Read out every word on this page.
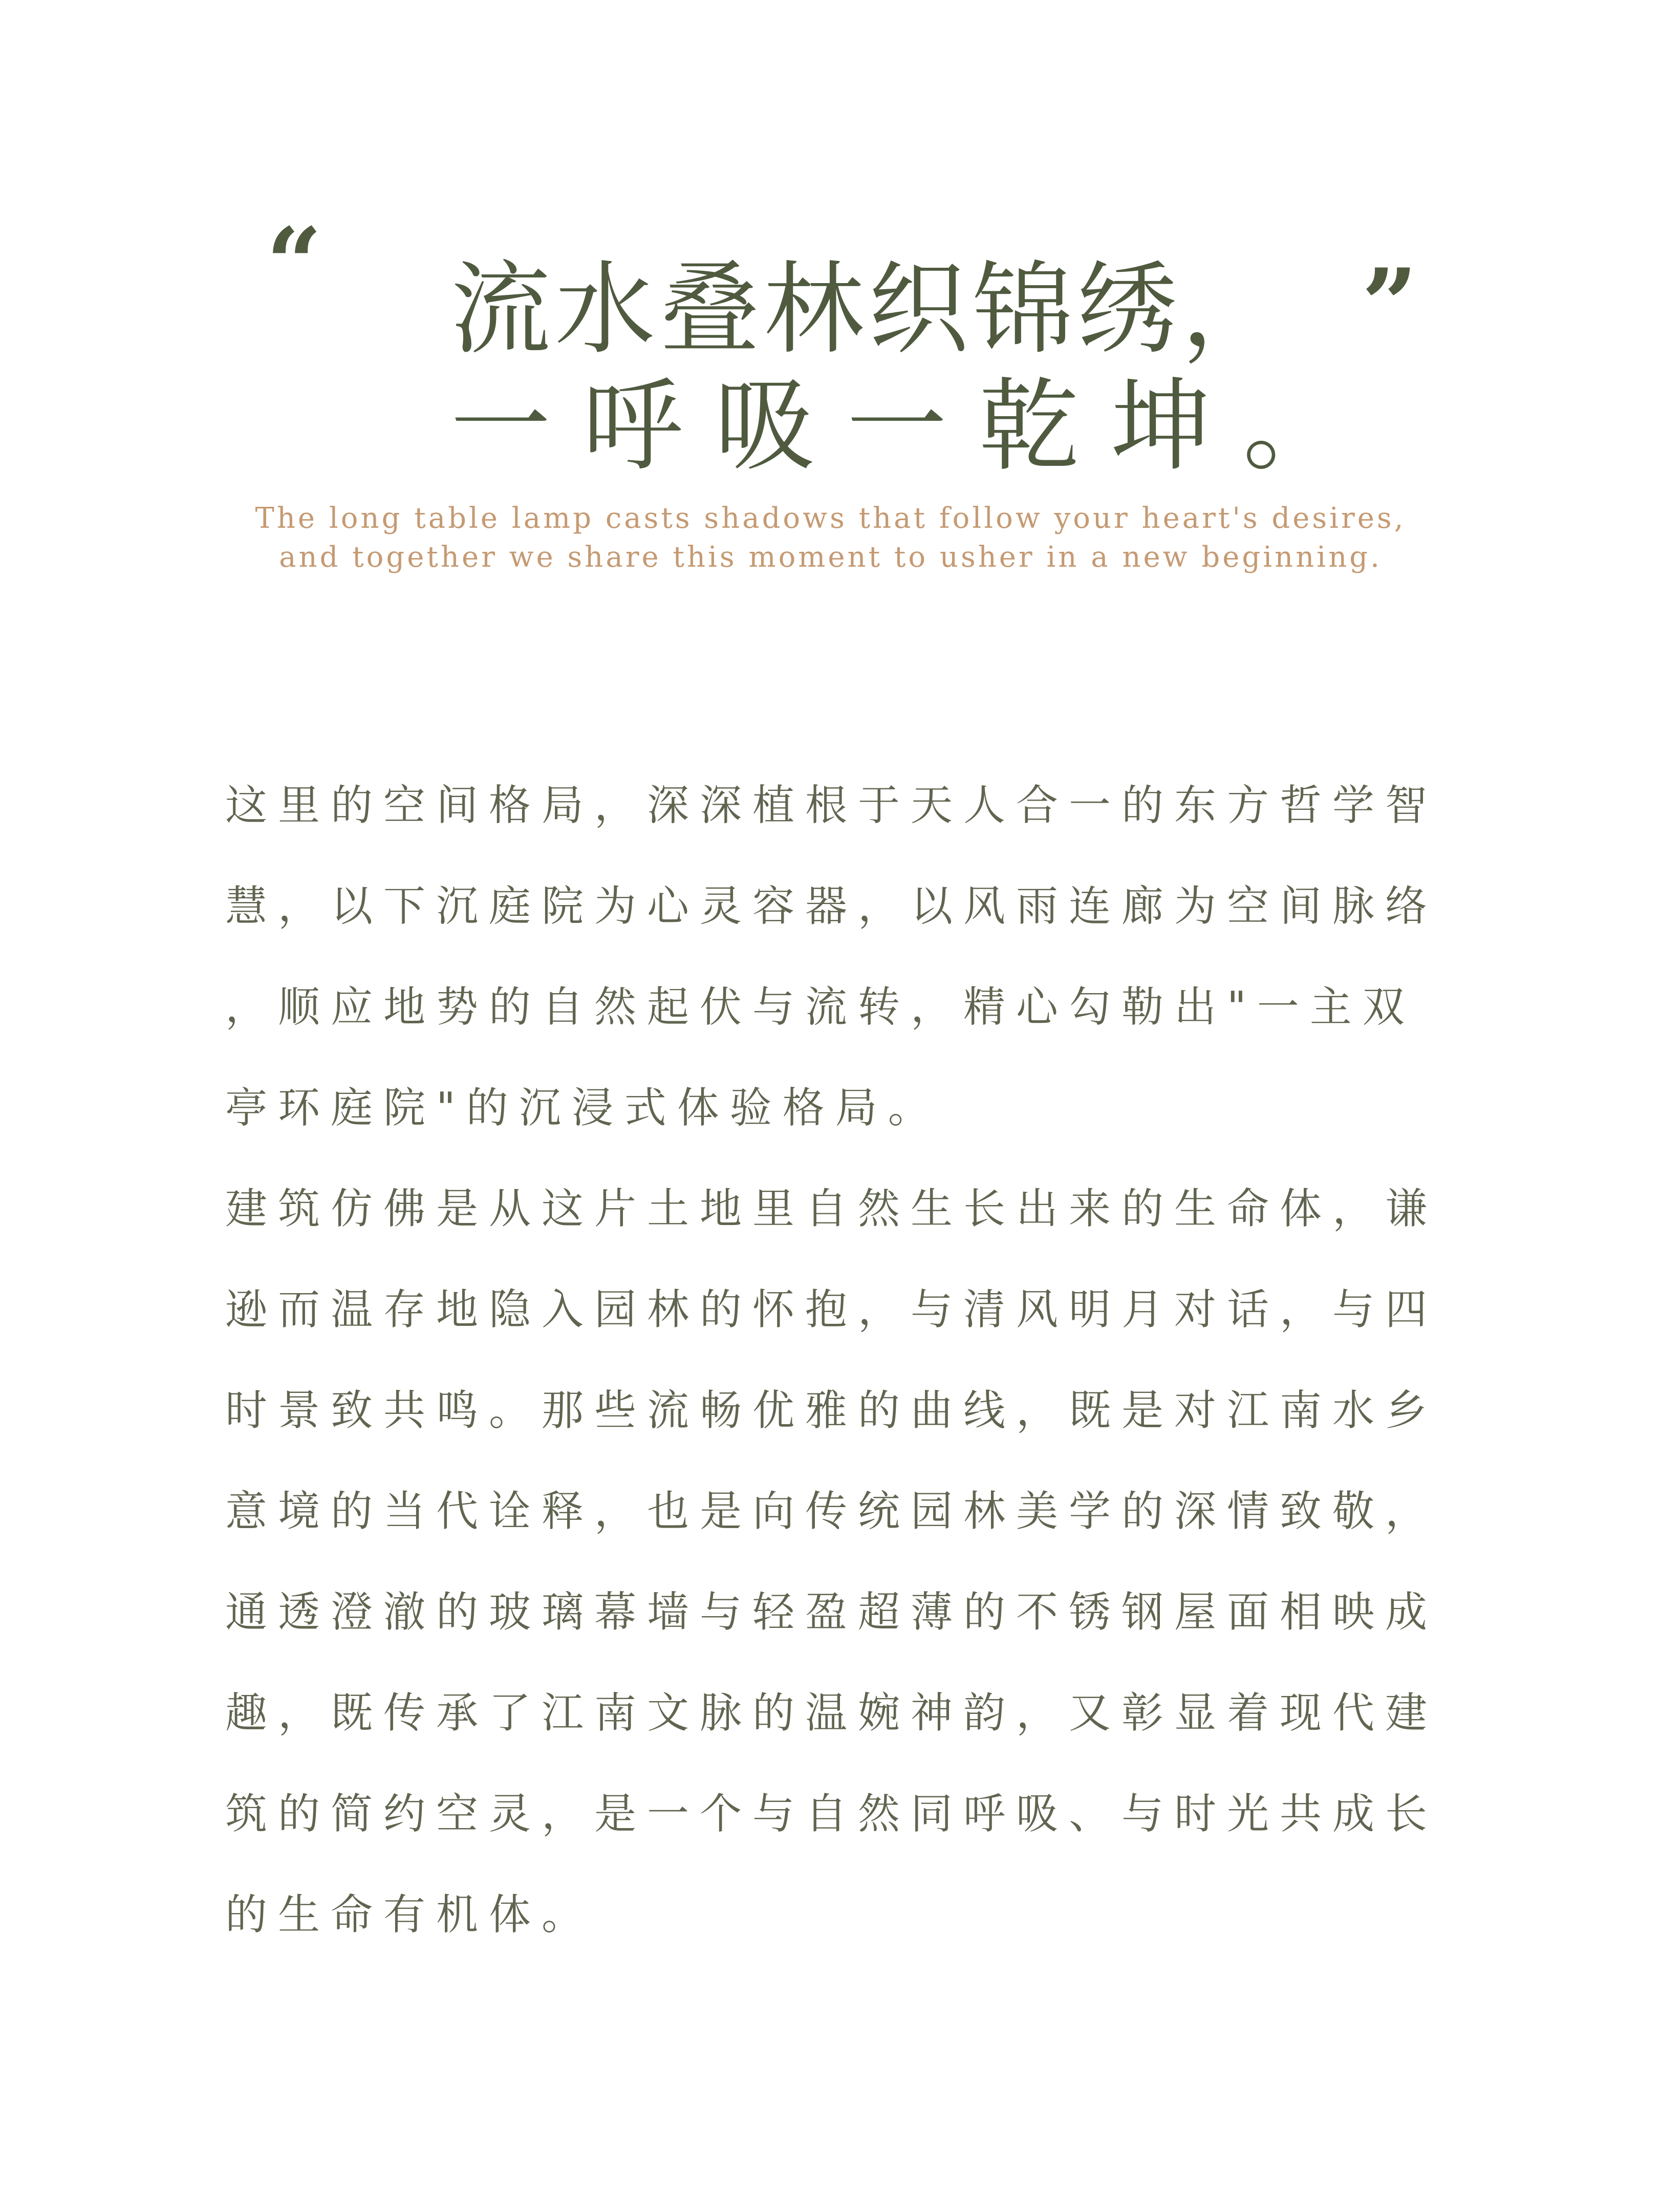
“	”
流水叠林织锦绣，
一呼吸一乾坤。
The long table lamp casts shadows that follow your heart's desires,
and together we share this moment to usher in a new beginning.
这里的空间格局，深深植根于天人合一的东方哲学智
慧，以下沉庭院为心灵容器，以风雨连廊为空间脉络
，顺应地势的自然起伏与流转，精心勾勒出"一主双
亭环庭院"的沉浸式体验格局。
建筑仿佛是从这片土地里自然生长出来的生命体，谦
逊而温存地隐入园林的怀抱，与清风明月对话，与四
时景致共鸣。那些流畅优雅的曲线，既是对江南水乡
意境的当代诠释，也是向传统园林美学的深情致敬，
通透澄澈的玻璃幕墙与轻盈超薄的不锈钢屋面相映成
趣，既传承了江南文脉的温婉神韵，又彰显着现代建
筑的简约空灵，是一个与自然同呼吸、与时光共成长
的生命有机体。
